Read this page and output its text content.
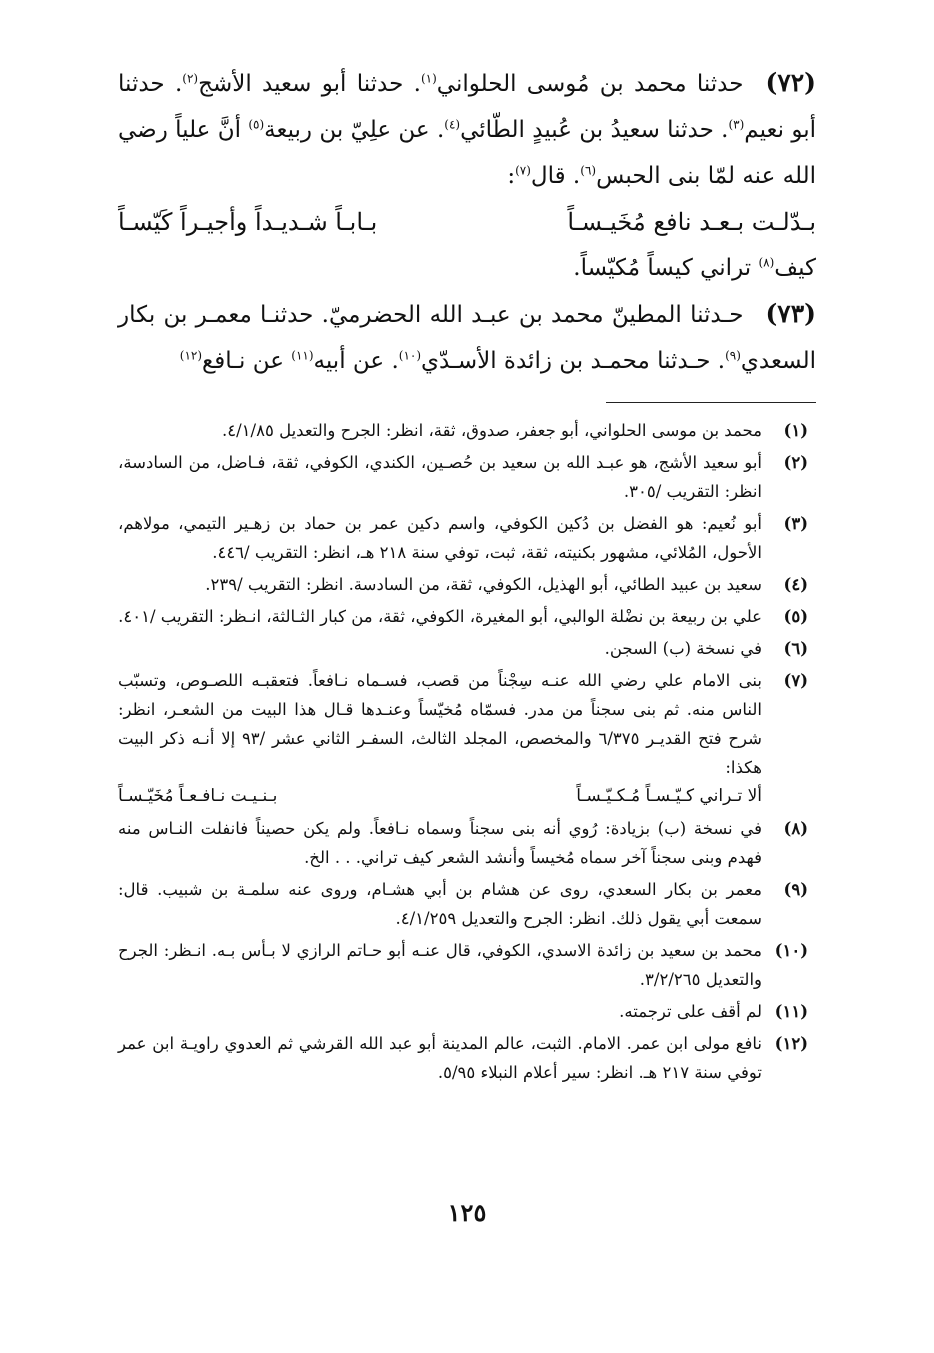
(٧٢)حدثنا محمد بن مُوسى الحلواني$^{(١)}$. حدثنا أبو سعيد الأشج$^{(٢)}$. حدثنا أبو نعيم$^{(٣)}$. حدثنا سعيدُ بن عُبيدٍ الطّائي$^{(٤)}$. عن علِيّ بن ربيعة$^{(٥)}$ أنَّ علياً رضي الله عنه لمّا بنى الحبس$^{(٦)}$. قال$^{(٧)}$:

بـدّلـت بـعـد نافع مُخَيـسـاً
بـابـاً شـديـداً وأجيـراً كَيّسـاً

كيف$^{(٨)}$ تراني كيساً مُكيّساً.

(٧٣)حـدثنا المطينّ محمد بن عبـد الله الحضرميّ. حدثنـا معمـر بن بكار السعدي$^{(٩)}$. حـدثنا محمـد بن زائدة الأسـدّي$^{(١٠)}$. عن أبيه$^{(١١)}$ عن نـافع$^{(١٢)}$

(١)
محمد بن موسى الحلواني، أبو جعفر، صدوق، ثقة، انظر: الجرح والتعديل ٤/١/٨٥.
(٢)
أبو سعيد الأشج، هو عبـد الله بن سعيد بن حُصـين، الكندي، الكوفي، ثقة، فـاضل، من السادسة، انظر: التقريب /٣٠٥.
(٣)
أبو نُعيم: هو الفضل بن دُكين الكوفي، واسم دكين عمر بن حماد بن زهـير التيمي، مولاهم، الأحول، المُلائي، مشهور بكنيته، ثقة، ثبت، توفي سنة ٢١٨ هـ، انظر: التقريب /٤٤٦.
(٤)
سعيد بن عبيد الطائي، أبو الهذيل، الكوفي، ثقة، من السادسة. انظر: التقريب /٢٣٩.
(٥)
علي بن ربيعة بن نضْلة الوالبي، أبو المغيرة، الكوفي، ثقة، من كبار الثـالثة، انـظر: التقريب /٤٠١.
(٦)
في نسخة (ب) السجن.
(٧)
بنى الامام علي رضي الله عنـه سِجْناً من قصب، فسـماه نـافعاً. فتعقبـه اللصـوص، وتسبّب الناس منه. ثم بنى سجناً من مدر. فسمّاه مُخيّساً وعنـدها قـال هذا البيت من الشعـر، انظر: شرح فتح القديـر ٦/٣٧٥ والمخصص، المجلد الثالث، السفـر الثاني عشر /٩٣ إلا أنـه ذكر البيت هكذا:
ألا تـراني كـيّـسـاً مُـكـيّـسـاً
بـنـيـت نـافـعـاً مُخَيّـسـاً
(٨)
في نسخة (ب) بزيادة: رُوي أنه بنى سجناً وسماه نـافعاً. ولم يكن حصيناً فانفلت النـاس منه فهدم وبنى سجناً آخر سماه مُخيساً وأنشد الشعر كيف تراني. . . الخ.
(٩)
معمر بن بكار السعدي، روى عن هشام بن أبي هشـام، وروى عنه سلمـة بن شبيب. قال: سمعت أبي يقول ذلك. انظر: الجرح والتعديل ٤/١/٢٥٩.
(١٠)
محمد بن سعيد بن زائدة الاسدي، الكوفي، قال عنـه أبو حـاتم الرازي لا بـأس بـه. انـظر: الجرح والتعديل ٣/٢/٢٦٥.
(١١)
لم أقف على ترجمته.
(١٢)
نافع مولى ابن عمر. الامام. الثبت، عالم المدينة أبو عبد الله القرشي ثم العدوي راويـة ابن عمر توفي سنة ٢١٧ هـ. انظر: سير أعلام النبلاء ٥/٩٥.
١٢٥
